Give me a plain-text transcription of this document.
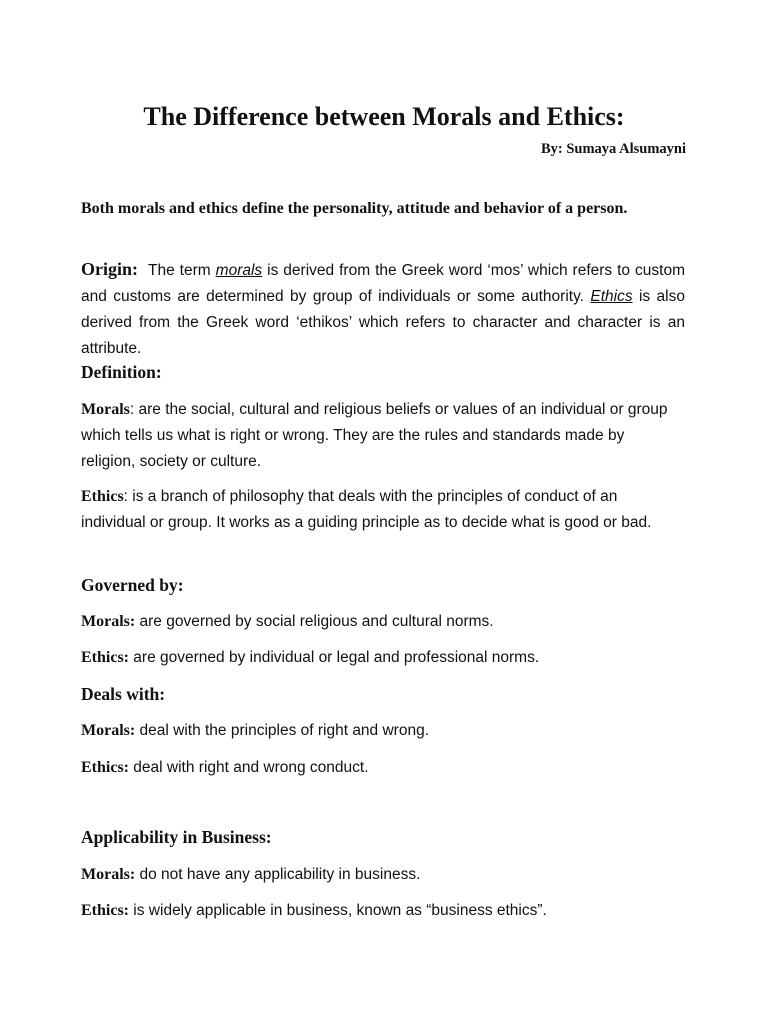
The Difference between Morals and Ethics:
By: Sumaya Alsumayni
Both morals and ethics define the personality, attitude and behavior of a person.
Origin: The term morals is derived from the Greek word ‘mos’ which refers to custom and customs are determined by group of individuals or some authority. Ethics is also derived from the Greek word ‘ethikos’ which refers to character and character is an attribute.
Definition:
Morals: are the social, cultural and religious beliefs or values of an individual or group which tells us what is right or wrong. They are the rules and standards made by religion, society or culture.
Ethics: is a branch of philosophy that deals with the principles of conduct of an individual or group. It works as a guiding principle as to decide what is good or bad.
Governed by:
Morals: are governed by social religious and cultural norms.
Ethics: are governed by individual or legal and professional norms.
Deals with:
Morals: deal with the principles of right and wrong.
Ethics: deal with right and wrong conduct.
Applicability in Business:
Morals: do not have any applicability in business.
Ethics: is widely applicable in business, known as “business ethics”.
